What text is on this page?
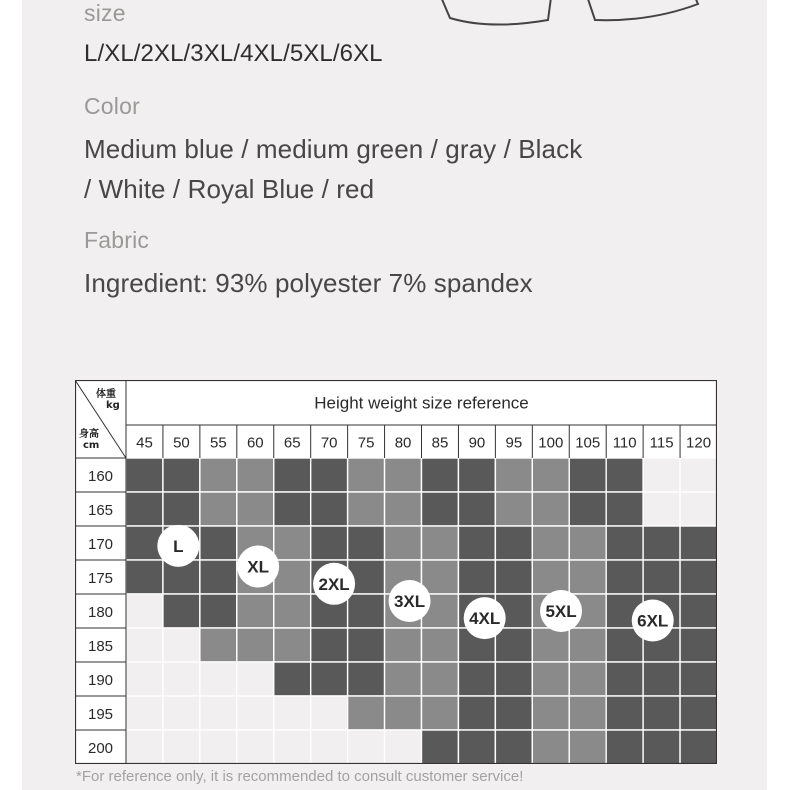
size
L/XL/2XL/3XL/4XL/5XL/6XL
Color
Medium blue / medium green / gray / Black
/ White / Royal Blue / red
Fabric
Ingredient: 93% polyester 7% spandex
Height weight size reference
体重
kg
身高
cm 45 50 55 60 65 70 75 80 85 90 95 100 105 110 115 120
160
165
170
175
180
185
190
195
200
L
XL
2XL
3XL
4XL	5XL
6XL
*For reference only, it is recommended to consult customer service!
